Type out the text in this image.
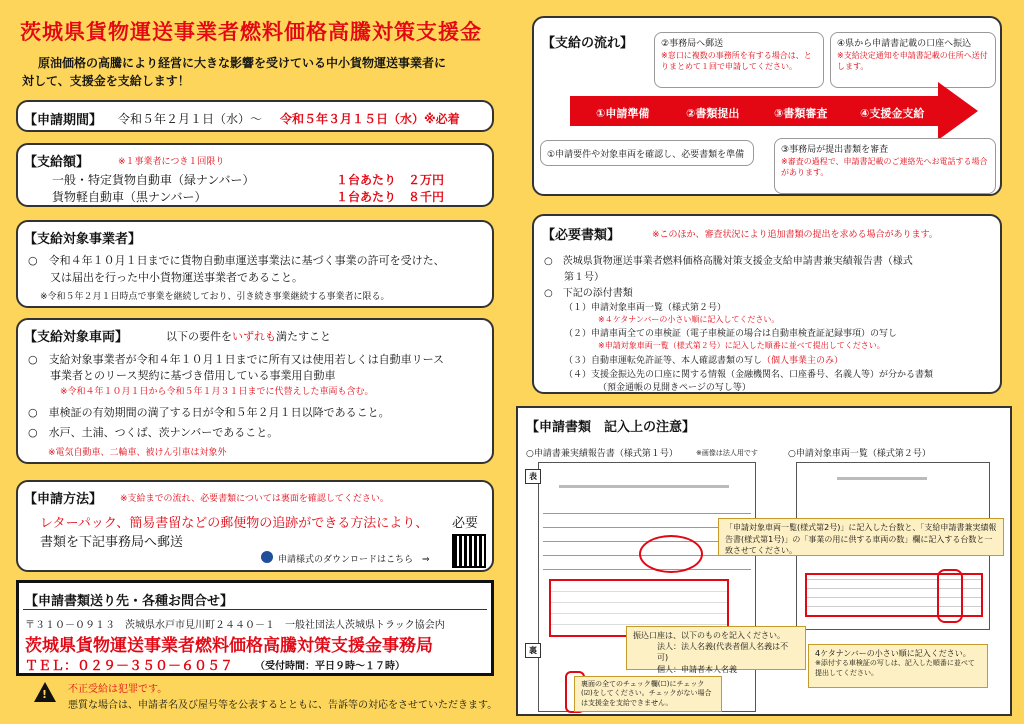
茨城県貨物運送事業者燃料価格高騰対策支援金
原油価格の高騰により経営に大きな影響を受けている中小貨物運送事業者に
対して、支援金を支給します！
【申請期間】 令和５年２月１日（水）～ 令和５年３月１５日（水）※必着
【支給額】	※１事業者につき１回限り
一般・特定貨物自動車（緑ナンバー）	１台あたり　２万円
貨物軽自動車（黒ナンバー）	１台あたり　８千円
【支給対象事業者】
○　令和４年１０月１日までに貨物自動車運送事業法に基づく事業の許可を受けた、
又は届出を行った中小貨物運送事業者であること。
※令和５年２月１日時点で事業を継続しており、引き続き事業継続する事業者に限る。
【支給対象車両】	以下の要件をいずれも満たすこと
○　支給対象事業者が令和４年１０月１日までに所有又は使用若しくは自動車リース
事業者とのリース契約に基づき借用している事業用自動車
※令和４年１０月１日から令和５年１月３１日までに代替えした車両も含む。
○　車検証の有効期間の満了する日が令和５年２月１日以降であること。
○　水戸、土浦、つくば、茨ナンバーであること。
※電気自動車、二輪車、被けん引車は対象外
【申請方法】 ※支給までの流れ、必要書類については裏面を確認してください。
レターパック、簡易書留などの郵便物の追跡ができる方法により、 必要
書類を下記事務局へ郵送
申請様式のダウンロードはこちら　⇒
【申請書類送り先・各種お問合せ】
〒３１０－０９１３　茨城県水戸市見川町２４４０－１　一般社団法人茨城県トラック協会内
茨城県貨物運送事業者燃料価格高騰対策支援金事務局
ＴＥＬ：０２９－３５０－６０５７ （受付時間：平日９時～１７時）
! 不正受給は犯罪です。
悪質な場合は、申請者名及び屋号等を公表するとともに、告訴等の対応をさせていただきます。
【支給の流れ】	②事務局へ郵送
※窓口に複数の事務所を有する場合は、とりまとめて１回で申請してください。
④県から申請書記載の口座へ振込
※支給決定通知を申請書記載の住所へ送付します。
①申請準備	②書類提出	③書類審査	④支援金支給
①申請要件や対象車両を確認し、必要書類を準備	③事務局が提出書類を審査
※審査の過程で、申請書記載のご連絡先へお電話する場合があります。
【必要書類】	※このほか、審査状況により追加書類の提出を求める場合があります。
○　茨城県貨物運送事業者燃料価格高騰対策支援金支給申請書兼実績報告書（様式
第１号）
○　下記の添付書類
（１）申請対象車両一覧（様式第２号）
※４ケタナンバーの小さい順に記入してください。
（２）申請車両全ての車検証（電子車検証の場合は自動車検査証記録事項）の写し
※申請対象車両一覧（様式第２号）に記入した順番に並べて提出してください。
（３）自動車運転免許証等、本人確認書類の写し（個人事業主のみ）
（４）支援金振込先の口座に関する情報（金融機関名、口座番号、名義人等）が分かる書類
（預金通帳の見開きページの写し等）
【申請書類　記入上の注意】
○申請書兼実績報告書（様式第１号）	※画像は法人用です	○申請対象車両一覧（様式第２号）
表
裏
「申請対象車両一覧(様式第2号)」に記入した台数と、「支給申請書兼実績報告書(様式第1号)」の「事業の用に供する車両の数」欄に記入する台数と一致させてください。
振込口座は、以下のものを記入ください。
法人：法人名義(代表者個人名義は不可)
個人：申請者本人名義
裏面の全てのチェック欄(☐)にチェック(☑)をしてください。チェックがない場合は支援金を支給できません。
4ケタナンバーの小さい順に記入ください。
※添付する車検証の写しは、記入した順番に並べて提出してください。
